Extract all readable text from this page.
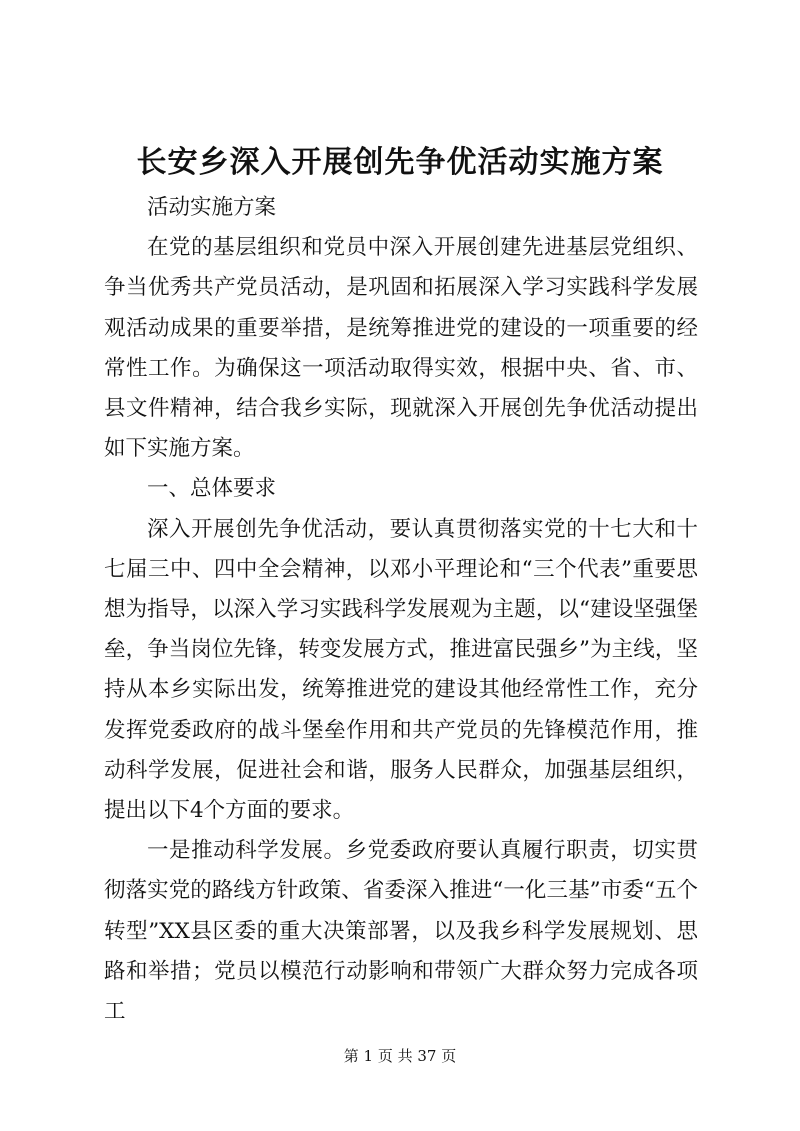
长安乡深入开展创先争优活动实施方案

活动实施方案

在党的基层组织和党员中深入开展创建先进基层党组织、争当优秀共产党员活动，是巩固和拓展深入学习实践科学发展观活动成果的重要举措，是统筹推进党的建设的一项重要的经常性工作。为确保这一项活动取得实效，根据中央、省、市、县文件精神，结合我乡实际，现就深入开展创先争优活动提出如下实施方案。

一、总体要求

深入开展创先争优活动，要认真贯彻落实党的十七大和十七届三中、四中全会精神，以邓小平理论和“三个代表”重要思想为指导，以深入学习实践科学发展观为主题，以“建设坚强堡垒，争当岗位先锋，转变发展方式，推进富民强乡”为主线，坚持从本乡实际出发，统筹推进党的建设其他经常性工作，充分发挥党委政府的战斗堡垒作用和共产党员的先锋模范作用，推动科学发展，促进社会和谐，服务人民群众，加强基层组织，提出以下4个方面的要求。

一是推动科学发展。乡党委政府要认真履行职责，切实贯彻落实党的路线方针政策、省委深入推进“一化三基”市委“五个转型”XX县区委的重大决策部署，以及我乡科学发展规划、思路和举措；党员以模范行动影响和带领广大群众努力完成各项工

第 1 页 共 37 页
